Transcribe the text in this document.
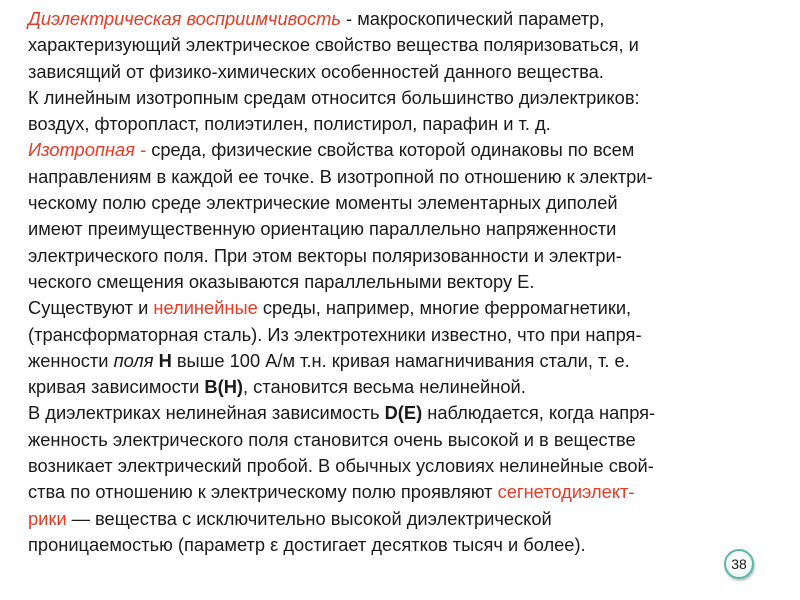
Диэлектрическая восприимчивость - макроскопический параметр,
характеризующий электрическое свойство вещества поляризоваться, и
зависящий от физико-химических особенностей данного вещества.
К линейным изотропным средам относится большинство диэлектриков:
воздух, фторопласт, полиэтилен, полистирол, парафин и т. д.
Изотропная - среда, физические свойства которой одинаковы по всем
направлениям в каждой ее точке. В изотропной по отношению к электри-
ческому полю среде электрические моменты элементарных диполей
имеют преимущественную ориентацию параллельно напряженности
электрического поля. При этом векторы поляризованности и электри-
ческого смещения оказываются параллельными вектору Е.
Существуют и нелинейные среды, например, многие ферромагнетики,
(трансформаторная сталь). Из электротехники известно, что при напря-
женности поля Н выше 100 А/м т.н. кривая намагничивания стали, т. е.
кривая зависимости В(Н), становится весьма нелинейной.
В диэлектриках нелинейная зависимость D(E) наблюдается, когда напря-
женность электрического поля становится очень высокой и в веществе
возникает электрический пробой. В обычных условиях нелинейные свой-
ства по отношению к электрическому полю проявляют сегнетодиэлект-
рики — вещества с исключительно высокой диэлектрической
проницаемостью (параметр ε достигает десятков тысяч и более).
38
